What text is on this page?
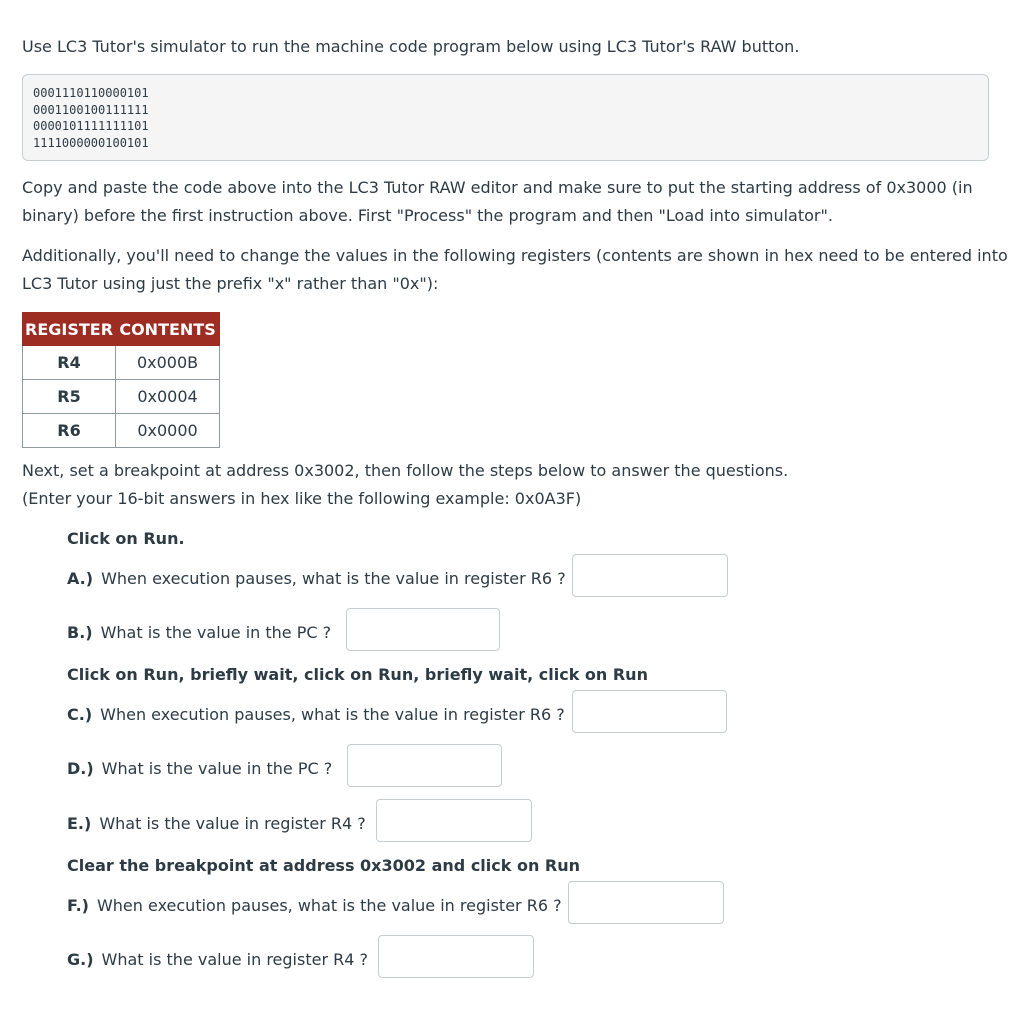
Use LC3 Tutor's simulator to run the machine code program below using LC3 Tutor's RAW button.
0001110110000101
0001100100111111
0000101111111101
1111000000100101
Copy and paste the code above into the LC3 Tutor RAW editor and make sure to put the starting address of 0x3000 (in
binary) before the first instruction above. First "Process" the program and then "Load into simulator".
Additionally, you'll need to change the values in the following registers (contents are shown in hex need to be entered into
LC3 Tutor using just the prefix "x" rather than "0x"):
REGISTER	CONTENTS
R4	0x000B
R5	0x0004
R6	0x0000
Next, set a breakpoint at address 0x3002, then follow the steps below to answer the questions.
(Enter your 16-bit answers in hex like the following example: 0x0A3F)
Click on Run.
A.) When execution pauses, what is the value in register R6 ?
B.) What is the value in the PC ?
Click on Run, briefly wait, click on Run, briefly wait, click on Run
C.) When execution pauses, what is the value in register R6 ?
D.) What is the value in the PC ?
E.) What is the value in register R4 ?
Clear the breakpoint at address 0x3002 and click on Run
F.) When execution pauses, what is the value in register R6 ?
G.) What is the value in register R4 ?
